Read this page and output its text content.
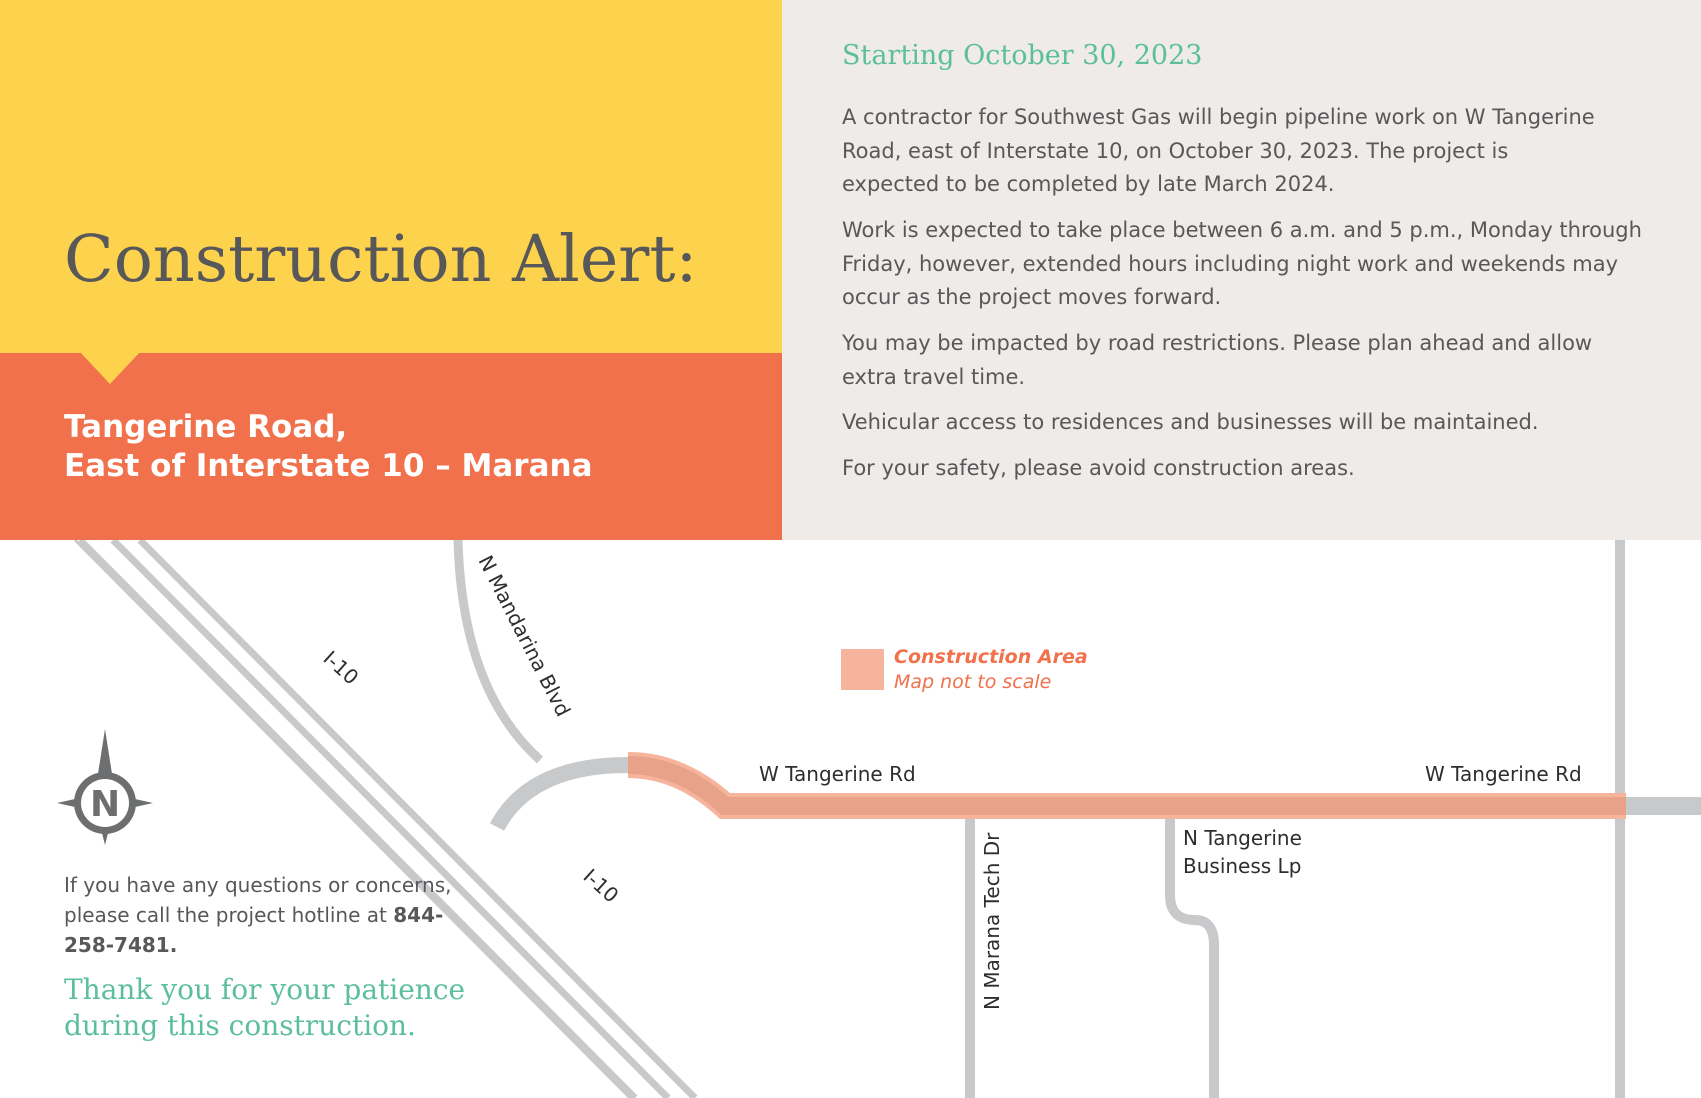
Construction Alert:
Tangerine Road,
East of Interstate 10 – Marana

Starting October 30, 2023

A contractor for Southwest Gas will begin pipeline work on W Tangerine Road, east of Interstate 10, on October 30, 2023. The project is expected to be completed by late March 2024.

Work is expected to take place between 6 a.m. and 5 p.m., Monday through Friday, however, extended hours including night work and weekends may occur as the project moves forward.

You may be impacted by road restrictions. Please plan ahead and allow extra travel time.

Vehicular access to residences and businesses will be maintained.

For your safety, please avoid construction areas.

N
I-10
I-10
N Mandarina Blvd
W Tangerine Rd	W Tangerine Rd
N Marana Tech Dr	N Tangerine
Business Lp

Construction Area

Map not to scale

If you have any questions or concerns, please call the project hotline at 844-258-7481.

Thank you for your patience
during this construction.
